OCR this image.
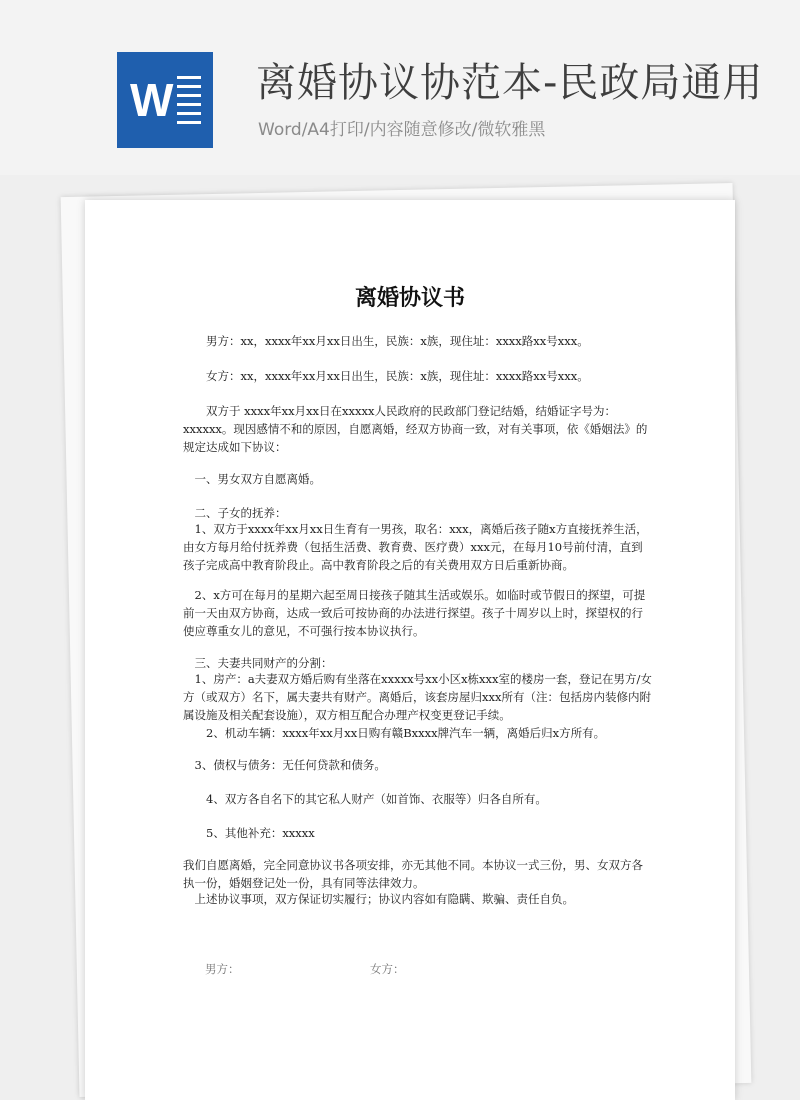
W 离婚协议协范本-民政局通用
Word/A4打印/内容随意修改/微软雅黑
离婚协议书
　　男方：xx，xxxx年xx月xx日出生，民族：x族，现住址：xxxx路xx号xxx。
　　女方：xx，xxxx年xx月xx日出生，民族：x族，现住址：xxxx路xx号xxx。
　　双方于 xxxx年xx月xx日在xxxxx人民政府的民政部门登记结婚，结婚证字号为：xxxxxx。现因感情不和的原因，自愿离婚，经双方协商一致，对有关事项，依《婚姻法》的规定达成如下协议：
　一、男女双方自愿离婚。
　二、子女的抚养：
　1、双方于xxxx年xx月xx日生育有一男孩，取名：xxx，离婚后孩子随x方直接抚养生活，由女方每月给付抚养费（包括生活费、教育费、医疗费）xxx元，在每月10号前付清，直到孩子完成高中教育阶段止。高中教育阶段之后的有关费用双方日后重新协商。
　2、x方可在每月的星期六起至周日接孩子随其生活或娱乐。如临时或节假日的探望，可提前一天由双方协商，达成一致后可按协商的办法进行探望。孩子十周岁以上时，探望权的行使应尊重女儿的意见，不可强行按本协议执行。
　三、夫妻共同财产的分割：
　1、房产：a夫妻双方婚后购有坐落在xxxxx号xx小区x栋xxx室的楼房一套，登记在男方/女方（或双方）名下，属夫妻共有财产。离婚后，该套房屋归xxx所有（注：包括房内装修内附属设施及相关配套设施），双方相互配合办理产权变更登记手续。
　　2、机动车辆：xxxx年xx月xx日购有赣Bxxxx牌汽车一辆，离婚后归x方所有。
　3、债权与债务：无任何贷款和债务。
　　4、双方各自名下的其它私人财产（如首饰、衣服等）归各自所有。
　　5、其他补充：xxxxx
我们自愿离婚，完全同意协议书各项安排，亦无其他不同。本协议一式三份，男、女双方各执一份，婚姻登记处一份，具有同等法律效力。
　上述协议事项，双方保证切实履行；协议内容如有隐瞒、欺骗、责任自负。
男方：	女方：
